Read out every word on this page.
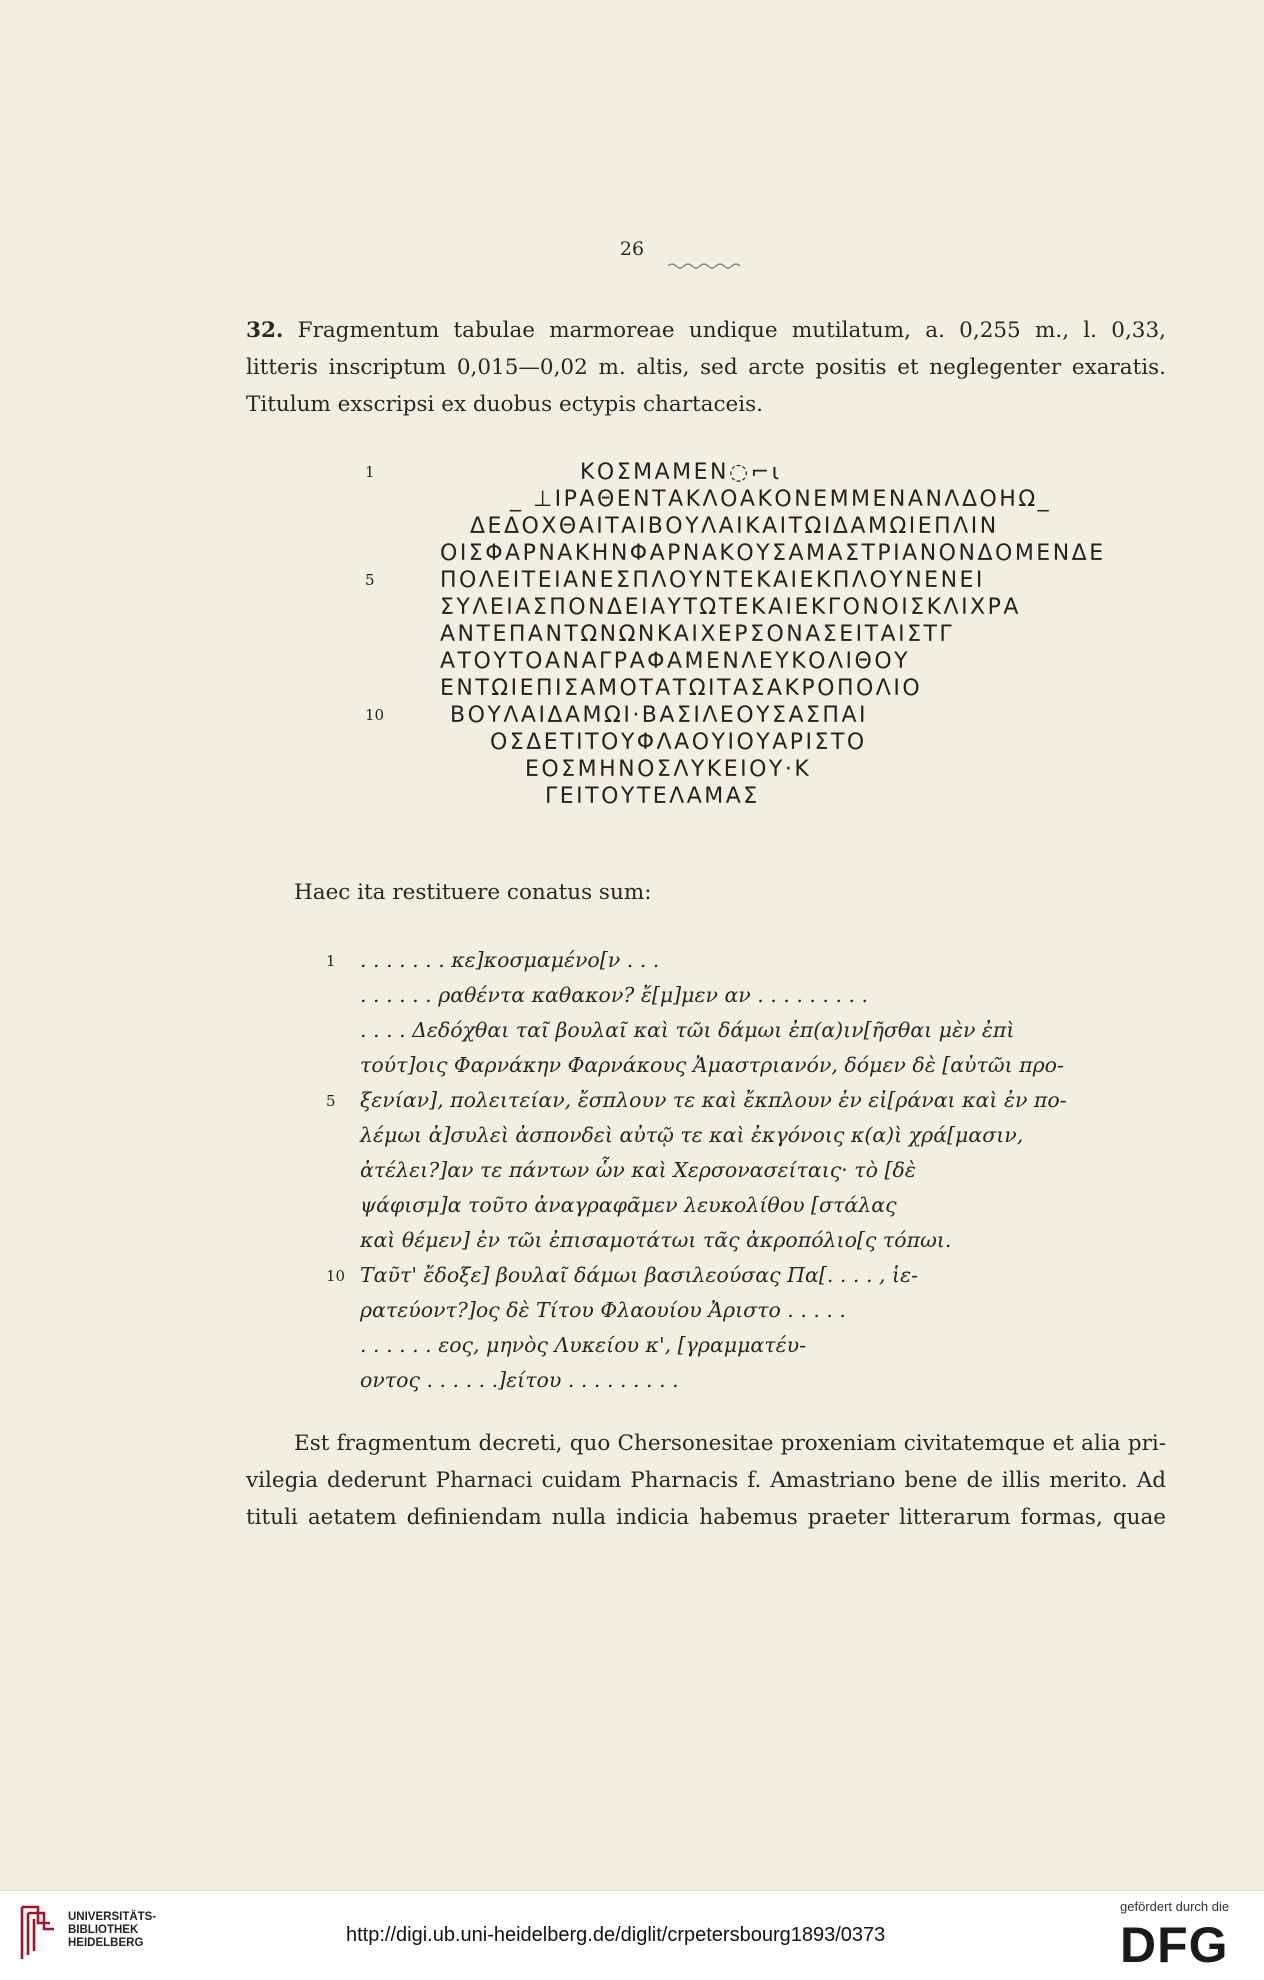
26
32. Fragmentum tabulae marmoreae undique mutilatum, a. 0,255 m., l. 0,33,
litteris inscriptum 0,015—0,02 m. altis, sed arcte positis et neglegenter exaratis.
Titulum exscripsi ex duobus ectypis chartaceis.
1	ΚΟΣΜΑΜΕΝ◌⌐ι
_ ⊥ΙΡΑΘΕΝΤΑΚΛΟΑΚΟΝΕΜΜΕΝΑΝΛΔΟΗΩ_
ΔΕΔΟΧΘΑΙΤΑΙΒΟΥΛΑΙΚΑΙΤΩΙΔΑΜΩΙΕΠΛΙΝ
ΟΙΣΦΑΡΝΑΚΗΝΦΑΡΝΑΚΟΥΣΑΜΑΣΤΡΙΑΝΟΝΔΟΜΕΝΔΕ
5	ΠΟΛΕΙΤΕΙΑΝΕΣΠΛΟΥΝΤΕΚΑΙΕΚΠΛΟΥΝΕΝΕΙ
ΣΥΛΕΙΑΣΠΟΝΔΕΙΑΥΤΩΤΕΚΑΙΕΚΓΟΝΟΙΣΚΛΙΧΡΑ
ΑΝΤΕΠΑΝΤΩΝΩΝΚΑΙΧΕΡΣΟΝΑΣΕΙΤΑΙΣΤΓ
ΑΤΟΥΤΟΑΝΑΓΡΑΦΑΜΕΝΛΕΥΚΟΛΙΘΟΥ
ΕΝΤΩΙΕΠΙΣΑΜΟΤΑΤΩΙΤΑΣΑΚΡΟΠΟΛΙΟ
10	ΒΟΥΛΑΙΔΑΜΩΙ·ΒΑΣΙΛΕΟΥΣΑΣΠΑΙ
ΟΣΔΕΤΙΤΟΥΦΛΑΟΥΙΟΥΑΡΙΣΤΟ
ΕΟΣΜΗΝΟΣΛΥΚΕΙΟΥ·Κ
ΓΕΙΤΟΥΤΕΛΑΜΑΣ
Haec ita restituere conatus sum:
1 . . . . . . . κε]κοσμαμένο[ν . . .
. . . . . . ραθέντα καθακον? ἔ[μ]μεν αν . . . . . . . . .
. . . . Δεδόχθαι ταῖ βουλαῖ καὶ τῶι δάμωι ἐπ(α)ιν[ῆσθαι μὲν ἐπὶ
τούτ]οις Φαρνάκην Φαρνάκους Ἀμαστριανόν, δόμεν δὲ [αὐτῶι προ-
5 ξενίαν], πολειτείαν, ἔσπλουν τε καὶ ἔκπλουν ἐν εἰ[ράναι καὶ ἐν πο-
λέμωι ἀ]συλεὶ ἀσπονδεὶ αὐτῷ τε καὶ ἐκγόνοις κ(α)ὶ χρά[μασιν,
ἀτέλει?]αν τε πάντων ὧν καὶ Χερσονασείταις· τὸ [δὲ
ψάφισμ]α τοῦτο ἀναγραφᾶμεν λευκολίθου [στάλας
καὶ θέμεν] ἐν τῶι ἐπισαμοτάτωι τᾶς ἀκροπόλιο[ς τόπωι.
10 Ταῦτ' ἔδοξε] βουλαῖ δάμωι βασιλεούσας Πα[. . . . , ἱε-
ρατεύοντ?]ος δὲ Τίτου Φλαουίου Ἀριστο . . . . .
. . . . . . εος, μηνὸς Λυκείου κ', [γραμματέυ-
οντος . . . . . .]είτου . . . . . . . . .
Est fragmentum decreti, quo Chersonesitae proxeniam civitatemque et alia pri-
vilegia dederunt Pharnaci cuidam Pharnacis f. Amastriano bene de illis merito. Ad
tituli aetatem definiendam nulla indicia habemus praeter litterarum formas, quae
UNIVERSITÄTS-
BIBLIOTHEK
HEIDELBERG	http://digi.ub.uni-heidelberg.de/diglit/crpetersbourg1893/0373
gefördert durch die
DFG
